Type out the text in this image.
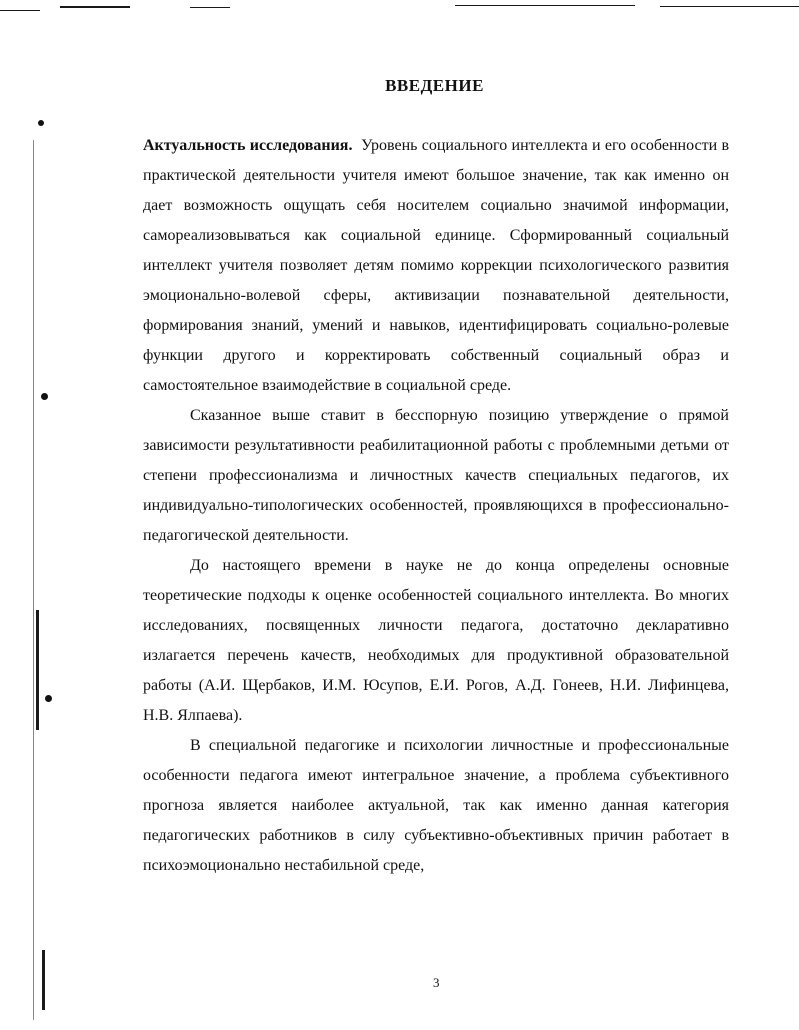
ВВЕДЕНИЕ

Актуальность исследования. Уровень социального интеллекта и его особенности в практической деятельности учителя имеют большое значение, так как именно он дает возможность ощущать себя носителем социально значимой информации, самореализовываться как социальной единице. Сформированный социальный интеллект учителя позволяет детям помимо коррекции психологического развития эмоционально-волевой сферы, активизации познавательной деятельности, формирования знаний, умений и навыков, идентифицировать социально-ролевые функции другого и корректировать собственный социальный образ и самостоятельное взаимодействие в социальной среде.

Сказанное выше ставит в бесспорную позицию утверждение о прямой зависимости результативности реабилитационной работы с проблемными детьми от степени профессионализма и личностных качеств специальных педагогов, их индивидуально-типологических особенностей, проявляющихся в профессионально-педагогической деятельности.

До настоящего времени в науке не до конца определены основные теоретические подходы к оценке особенностей социального интеллекта. Во многих исследованиях, посвященных личности педагога, достаточно декларативно излагается перечень качеств, необходимых для продуктивной образовательной работы (А.И. Щербаков, И.М. Юсупов, Е.И. Рогов, А.Д. Гонеев, Н.И. Лифинцева, Н.В. Ялпаева).

В специальной педагогике и психологии личностные и профессиональные особенности педагога имеют интегральное значение, а проблема субъективного прогноза является наиболее актуальной, так как именно данная категория педагогических работников в силу субъективно-объективных причин работает в психоэмоционально нестабильной среде,

3
